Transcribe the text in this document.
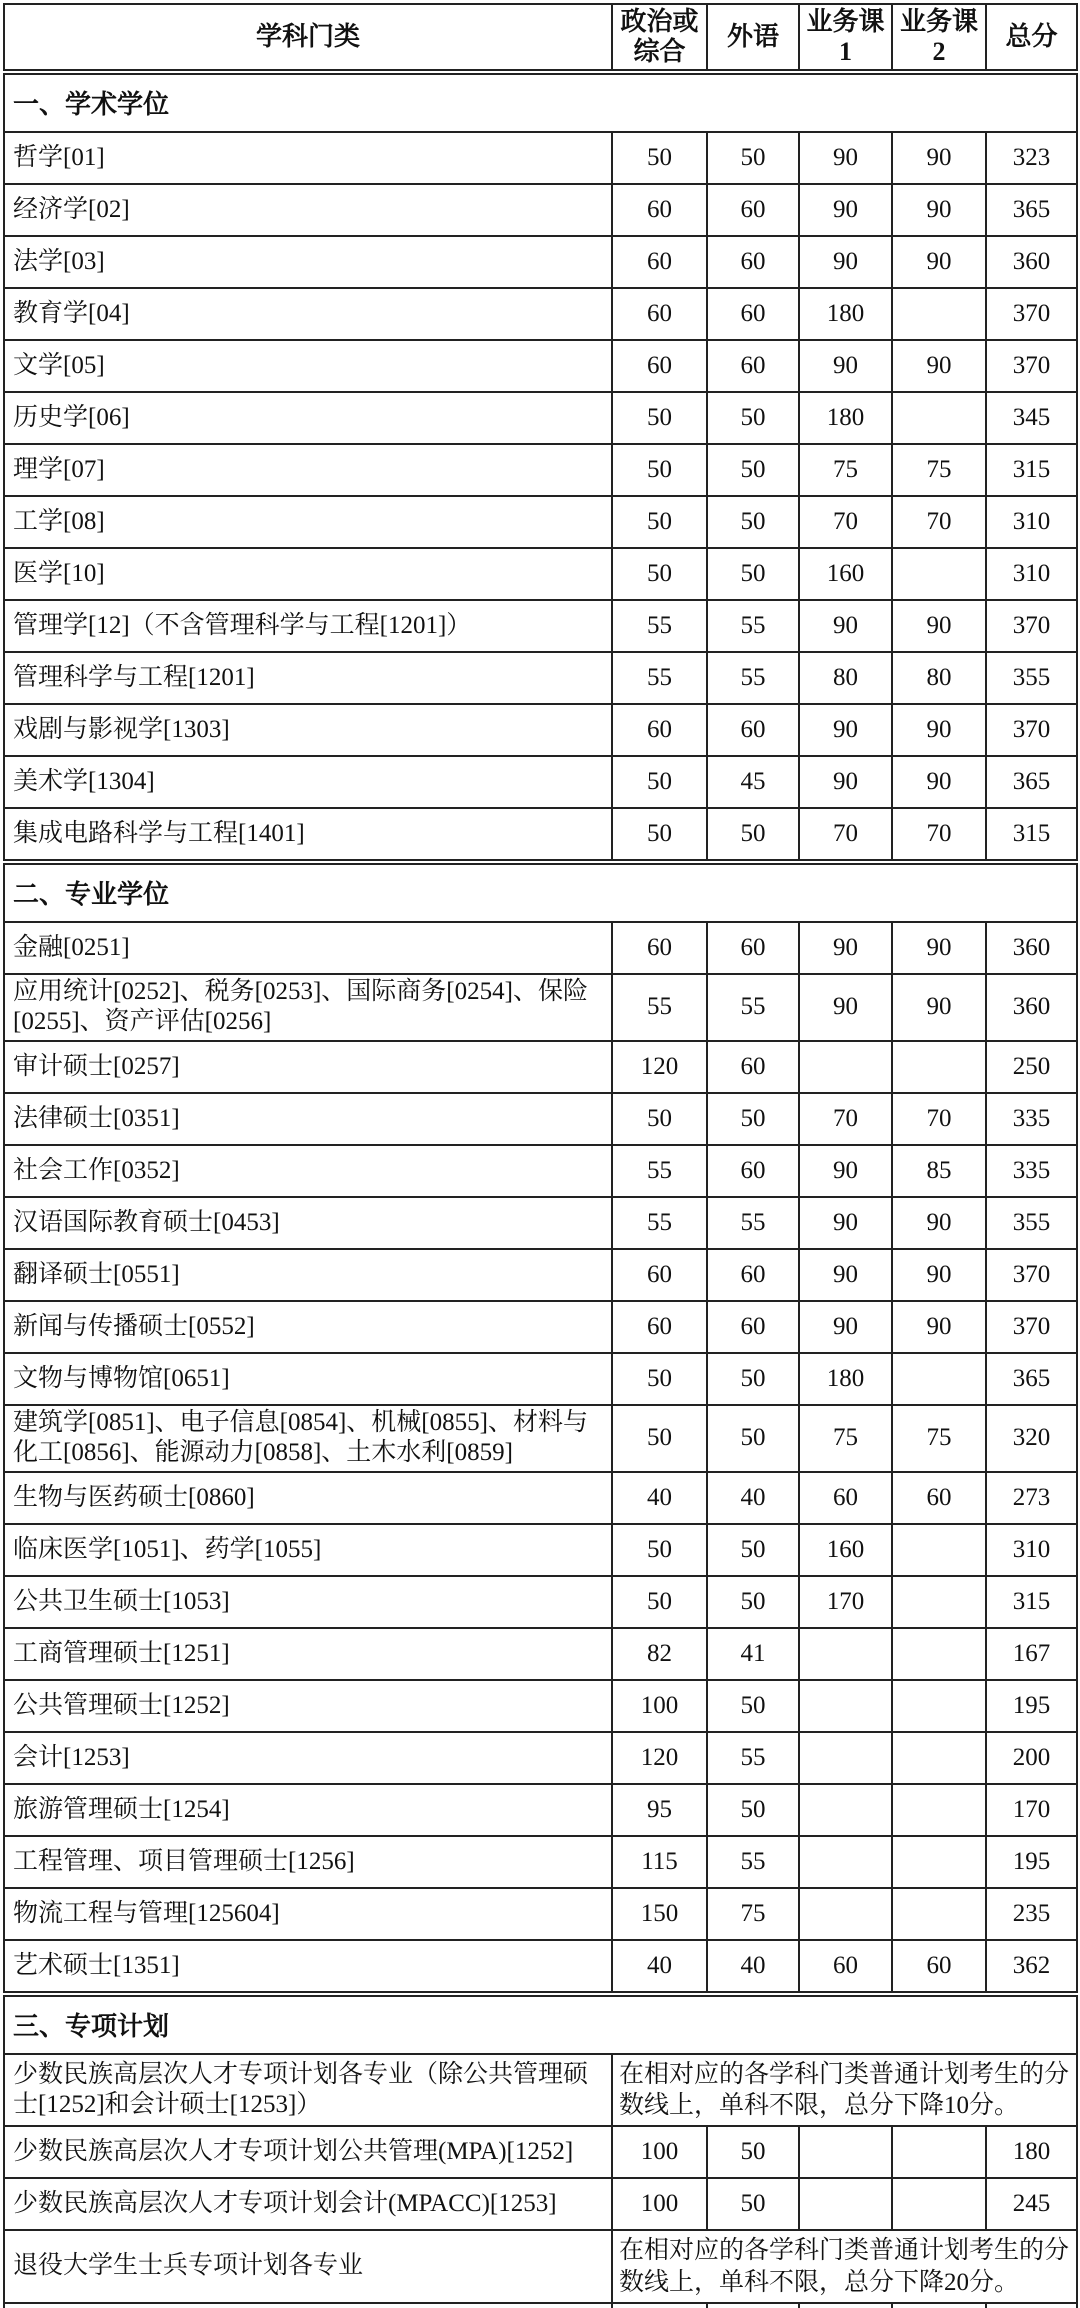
学科门类	政治或综合	外语	业务课1	业务课2	总分
一、学术学位					
哲学[01]	50	50	90	90	323
经济学[02]	60	60	90	90	365
法学[03]	60	60	90	90	360
教育学[04]	60	60	180		370
文学[05]	60	60	90	90	370
历史学[06]	50	50	180		345
理学[07]	50	50	75	75	315
工学[08]	50	50	70	70	310
医学[10]	50	50	160		310
管理学[12]（不含管理科学与工程[1201]）	55	55	90	90	370
管理科学与工程[1201]	55	55	80	80	355
戏剧与影视学[1303]	60	60	90	90	370
美术学[1304]	50	45	90	90	365
集成电路科学与工程[1401]	50	50	70	70	315
二、专业学位					
金融[0251]	60	60	90	90	360
应用统计[0252]、税务[0253]、国际商务[0254]、保险[0255]、资产评估[0256]	55	55	90	90	360
审计硕士[0257]	120	60			250
法律硕士[0351]	50	50	70	70	335
社会工作[0352]	55	60	90	85	335
汉语国际教育硕士[0453]	55	55	90	90	355
翻译硕士[0551]	60	60	90	90	370
新闻与传播硕士[0552]	60	60	90	90	370
文物与博物馆[0651]	50	50	180		365
建筑学[0851]、电子信息[0854]、机械[0855]、材料与化工[0856]、能源动力[0858]、土木水利[0859]	50	50	75	75	320
生物与医药硕士[0860]	40	40	60	60	273
临床医学[1051]、药学[1055]	50	50	160		310
公共卫生硕士[1053]	50	50	170		315
工商管理硕士[1251]	82	41			167
公共管理硕士[1252]	100	50			195
会计[1253]	120	55			200
旅游管理硕士[1254]	95	50			170
工程管理、项目管理硕士[1256]	115	55			195
物流工程与管理[125604]	150	75			235
艺术硕士[1351]	40	40	60	60	362
三、专项计划					
少数民族高层次人才专项计划各专业（除公共管理硕士[1252]和会计硕士[1253]）	在相对应的各学科门类普通计划考生的分数线上，单科不限，总分下降10分。				
少数民族高层次人才专项计划公共管理(MPA)[1252]	100	50			180
少数民族高层次人才专项计划会计(MPACC)[1253]	100	50			245
退役大学生士兵专项计划各专业	在相对应的各学科门类普通计划考生的分数线上，单科不限，总分下降20分。				
